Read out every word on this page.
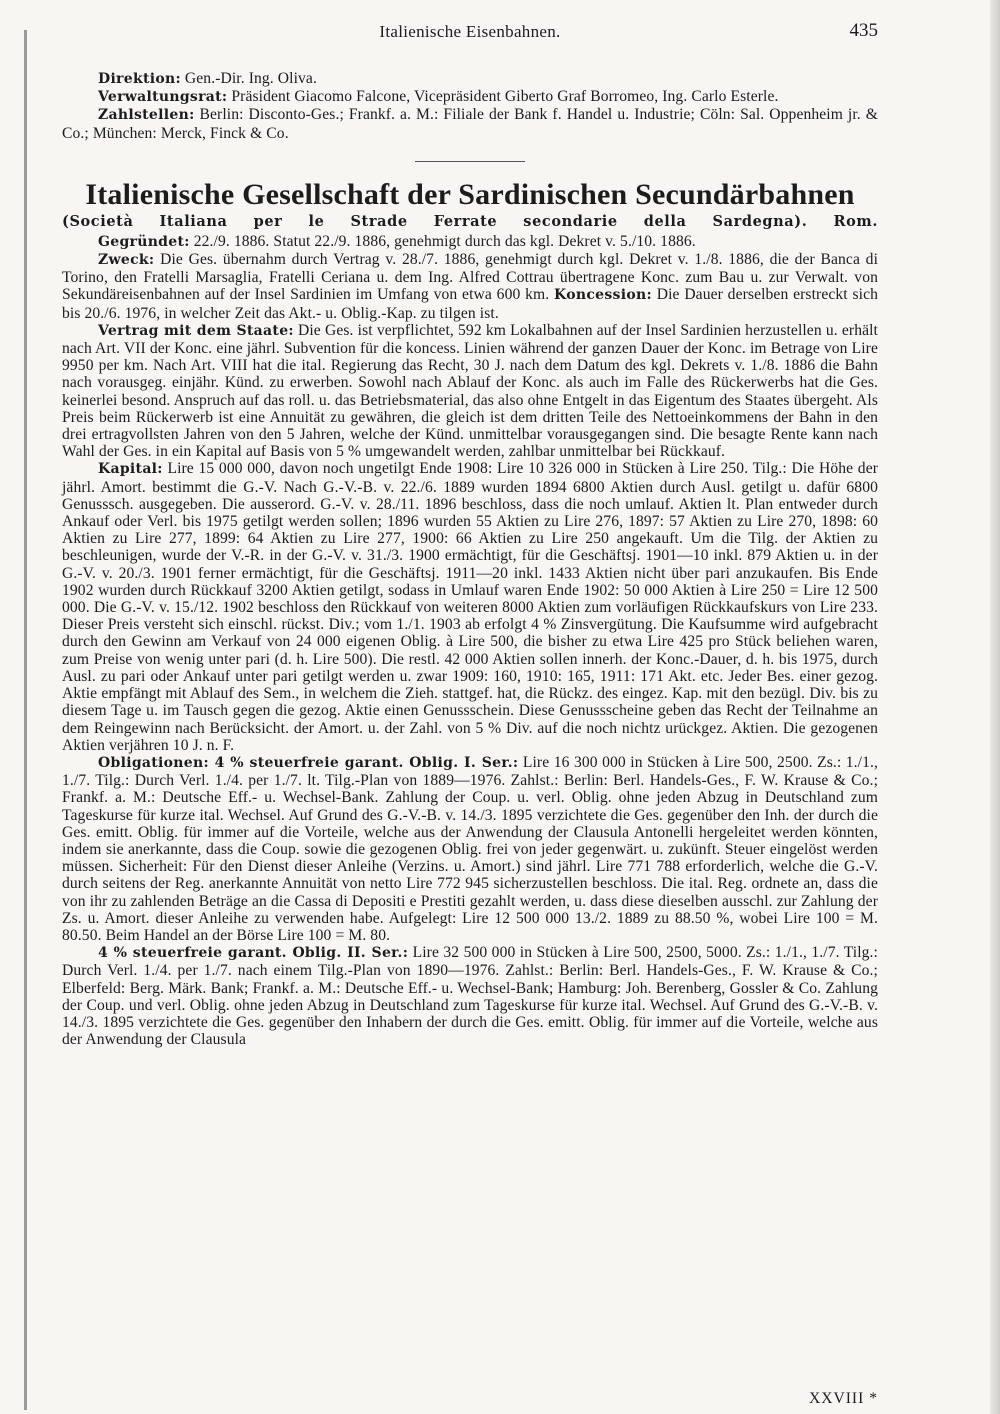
Italienische Eisenbahnen.	435

Direktion: Gen.-Dir. Ing. Oliva.

Verwaltungsrat: Präsident Giacomo Falcone, Vicepräsident Giberto Graf Borromeo, Ing. Carlo Esterle.

Zahlstellen: Berlin: Disconto-Ges.; Frankf. a. M.: Filiale der Bank f. Handel u. Industrie; Cöln: Sal. Oppenheim jr. & Co.; München: Merck, Finck & Co.

Italienische Gesellschaft der Sardinischen Secundärbahnen

(Società Italiana per le Strade Ferrate secondarie della Sardegna). Rom.

Gegründet: 22./9. 1886. Statut 22./9. 1886, genehmigt durch das kgl. Dekret v. 5./10. 1886.

Zweck: Die Ges. übernahm durch Vertrag v. 28./7. 1886, genehmigt durch kgl. Dekret v. 1./8. 1886, die der Banca di Torino, den Fratelli Marsaglia, Fratelli Ceriana u. dem Ing. Alfred Cottrau übertragene Konc. zum Bau u. zur Verwalt. von Sekundäreisenbahnen auf der Insel Sardinien im Umfang von etwa 600 km. Koncession: Die Dauer derselben erstreckt sich bis 20./6. 1976, in welcher Zeit das Akt.- u. Oblig.-Kap. zu tilgen ist.

Vertrag mit dem Staate: Die Ges. ist verpflichtet, 592 km Lokalbahnen auf der Insel Sardinien herzustellen u. erhält nach Art. VII der Konc. eine jährl. Subvention für die koncess. Linien während der ganzen Dauer der Konc. im Betrage von Lire 9950 per km. Nach Art. VIII hat die ital. Regierung das Recht, 30 J. nach dem Datum des kgl. Dekrets v. 1./8. 1886 die Bahn nach vorausgeg. einjähr. Künd. zu erwerben. Sowohl nach Ablauf der Konc. als auch im Falle des Rückerwerbs hat die Ges. keinerlei besond. Anspruch auf das roll. u. das Betriebsmaterial, das also ohne Entgelt in das Eigentum des Staates übergeht. Als Preis beim Rückerwerb ist eine Annuität zu gewähren, die gleich ist dem dritten Teile des Nettoeinkommens der Bahn in den drei ertragvollsten Jahren von den 5 Jahren, welche der Künd. unmittelbar vorausgegangen sind. Die besagte Rente kann nach Wahl der Ges. in ein Kapital auf Basis von 5 % umgewandelt werden, zahlbar unmittelbar bei Rückkauf.

Kapital: Lire 15 000 000, davon noch ungetilgt Ende 1908: Lire 10 326 000 in Stücken à Lire 250. Tilg.: Die Höhe der jährl. Amort. bestimmt die G.-V. Nach G.-V.-B. v. 22./6. 1889 wurden 1894 6800 Aktien durch Ausl. getilgt u. dafür 6800 Genusssch. ausgegeben. Die ausserord. G.-V. v. 28./11. 1896 beschloss, dass die noch umlauf. Aktien lt. Plan entweder durch Ankauf oder Verl. bis 1975 getilgt werden sollen; 1896 wurden 55 Aktien zu Lire 276, 1897: 57 Aktien zu Lire 270, 1898: 60 Aktien zu Lire 277, 1899: 64 Aktien zu Lire 277, 1900: 66 Aktien zu Lire 250 angekauft. Um die Tilg. der Aktien zu beschleunigen, wurde der V.-R. in der G.-V. v. 31./3. 1900 ermächtigt, für die Geschäftsj. 1901—10 inkl. 879 Aktien u. in der G.-V. v. 20./3. 1901 ferner ermächtigt, für die Geschäftsj. 1911—20 inkl. 1433 Aktien nicht über pari anzukaufen. Bis Ende 1902 wurden durch Rückkauf 3200 Aktien getilgt, sodass in Umlauf waren Ende 1902: 50 000 Aktien à Lire 250 = Lire 12 500 000. Die G.-V. v. 15./12. 1902 beschloss den Rückkauf von weiteren 8000 Aktien zum vorläufigen Rückkaufskurs von Lire 233. Dieser Preis versteht sich einschl. rückst. Div.; vom 1./1. 1903 ab erfolgt 4 % Zinsvergütung. Die Kaufsumme wird aufgebracht durch den Gewinn am Verkauf von 24 000 eigenen Oblig. à Lire 500, die bisher zu etwa Lire 425 pro Stück beliehen waren, zum Preise von wenig unter pari (d. h. Lire 500). Die restl. 42 000 Aktien sollen innerh. der Konc.-Dauer, d. h. bis 1975, durch Ausl. zu pari oder Ankauf unter pari getilgt werden u. zwar 1909: 160, 1910: 165, 1911: 171 Akt. etc. Jeder Bes. einer gezog. Aktie empfängt mit Ablauf des Sem., in welchem die Zieh. stattgef. hat, die Rückz. des eingez. Kap. mit den bezügl. Div. bis zu diesem Tage u. im Tausch gegen die gezog. Aktie einen Genussschein. Diese Genussscheine geben das Recht der Teilnahme an dem Reingewinn nach Berücksicht. der Amort. u. der Zahl. von 5 % Div. auf die noch nichtz urückgez. Aktien. Die gezogenen Aktien verjähren 10 J. n. F.

Obligationen: 4 % steuerfreie garant. Oblig. I. Ser.: Lire 16 300 000 in Stücken à Lire 500, 2500. Zs.: 1./1., 1./7. Tilg.: Durch Verl. 1./4. per 1./7. lt. Tilg.-Plan von 1889—1976. Zahlst.: Berlin: Berl. Handels-Ges., F. W. Krause & Co.; Frankf. a. M.: Deutsche Eff.- u. Wechsel-Bank. Zahlung der Coup. u. verl. Oblig. ohne jeden Abzug in Deutschland zum Tageskurse für kurze ital. Wechsel. Auf Grund des G.-V.-B. v. 14./3. 1895 verzichtete die Ges. gegenüber den Inh. der durch die Ges. emitt. Oblig. für immer auf die Vorteile, welche aus der Anwendung der Clausula Antonelli hergeleitet werden könnten, indem sie anerkannte, dass die Coup. sowie die gezogenen Oblig. frei von jeder gegenwärt. u. zukünft. Steuer eingelöst werden müssen. Sicherheit: Für den Dienst dieser Anleihe (Verzins. u. Amort.) sind jährl. Lire 771 788 erforderlich, welche die G.-V. durch seitens der Reg. anerkannte Annuität von netto Lire 772 945 sicherzustellen beschloss. Die ital. Reg. ordnete an, dass die von ihr zu zahlenden Beträge an die Cassa di Depositi e Prestiti gezahlt werden, u. dass diese dieselben ausschl. zur Zahlung der Zs. u. Amort. dieser Anleihe zu verwenden habe. Aufgelegt: Lire 12 500 000 13./2. 1889 zu 88.50 %, wobei Lire 100 = M. 80.50. Beim Handel an der Börse Lire 100 = M. 80.

4 % steuerfreie garant. Oblig. II. Ser.: Lire 32 500 000 in Stücken à Lire 500, 2500, 5000. Zs.: 1./1., 1./7. Tilg.: Durch Verl. 1./4. per 1./7. nach einem Tilg.-Plan von 1890—1976. Zahlst.: Berlin: Berl. Handels-Ges., F. W. Krause & Co.; Elberfeld: Berg. Märk. Bank; Frankf. a. M.: Deutsche Eff.- u. Wechsel-Bank; Hamburg: Joh. Berenberg, Gossler & Co. Zahlung der Coup. und verl. Oblig. ohne jeden Abzug in Deutschland zum Tageskurse für kurze ital. Wechsel. Auf Grund des G.-V.-B. v. 14./3. 1895 verzichtete die Ges. gegenüber den Inhabern der durch die Ges. emitt. Oblig. für immer auf die Vorteile, welche aus der Anwendung der Clausula

XXVIII *
